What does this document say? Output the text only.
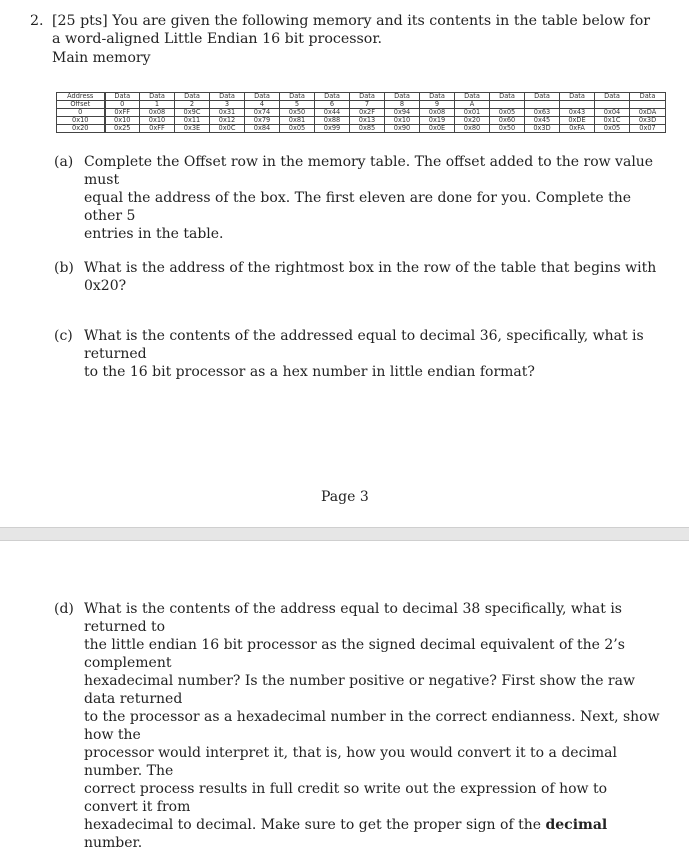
2. [25 pts] You are given the following memory and its contents in the table below for a word-aligned Little Endian 16 bit processor.
Main memory
Address	Data	Data	Data	Data	Data	Data	Data	Data	Data	Data	Data	Data	Data	Data	Data	Data
Offset	0	1	2	3	4	5	6	7	8	9	A					
0	0xFF	0x08	0x9C	0x31	0x74	0x50	0x44	0x2F	0x94	0x08	0x01	0x05	0x63	0x43	0x04	0xDA
0x10	0x10	0x10	0x11	0x12	0x79	0x81	0x88	0x13	0x10	0x19	0x20	0x60	0x45	0xDE	0x1C	0x3D
0x20	0x25	0xFF	0x3E	0x0C	0x84	0x05	0x99	0x85	0x90	0x0E	0x80	0x50	0x3D	0xFA	0x05	0x07
(a) Complete the Offset row in the memory table. The offset added to the row value must
equal the address of the box. The first eleven are done for you. Complete the other 5
entries in the table.
(b) What is the address of the rightmost box in the row of the table that begins with 0x20?
(c) What is the contents of the addressed equal to decimal 36, specifically, what is returned
to the 16 bit processor as a hex number in little endian format?
Page 3
(d) What is the contents of the address equal to decimal 38 specifically, what is returned to
the little endian 16 bit processor as the signed decimal equivalent of the 2’s complement
hexadecimal number? Is the number positive or negative? First show the raw data returned
to the processor as a hexadecimal number in the correct endianness. Next, show how the
processor would interpret it, that is, how you would convert it to a decimal number. The
correct process results in full credit so write out the expression of how to convert it from
hexadecimal to decimal. Make sure to get the proper sign of the decimal number.
